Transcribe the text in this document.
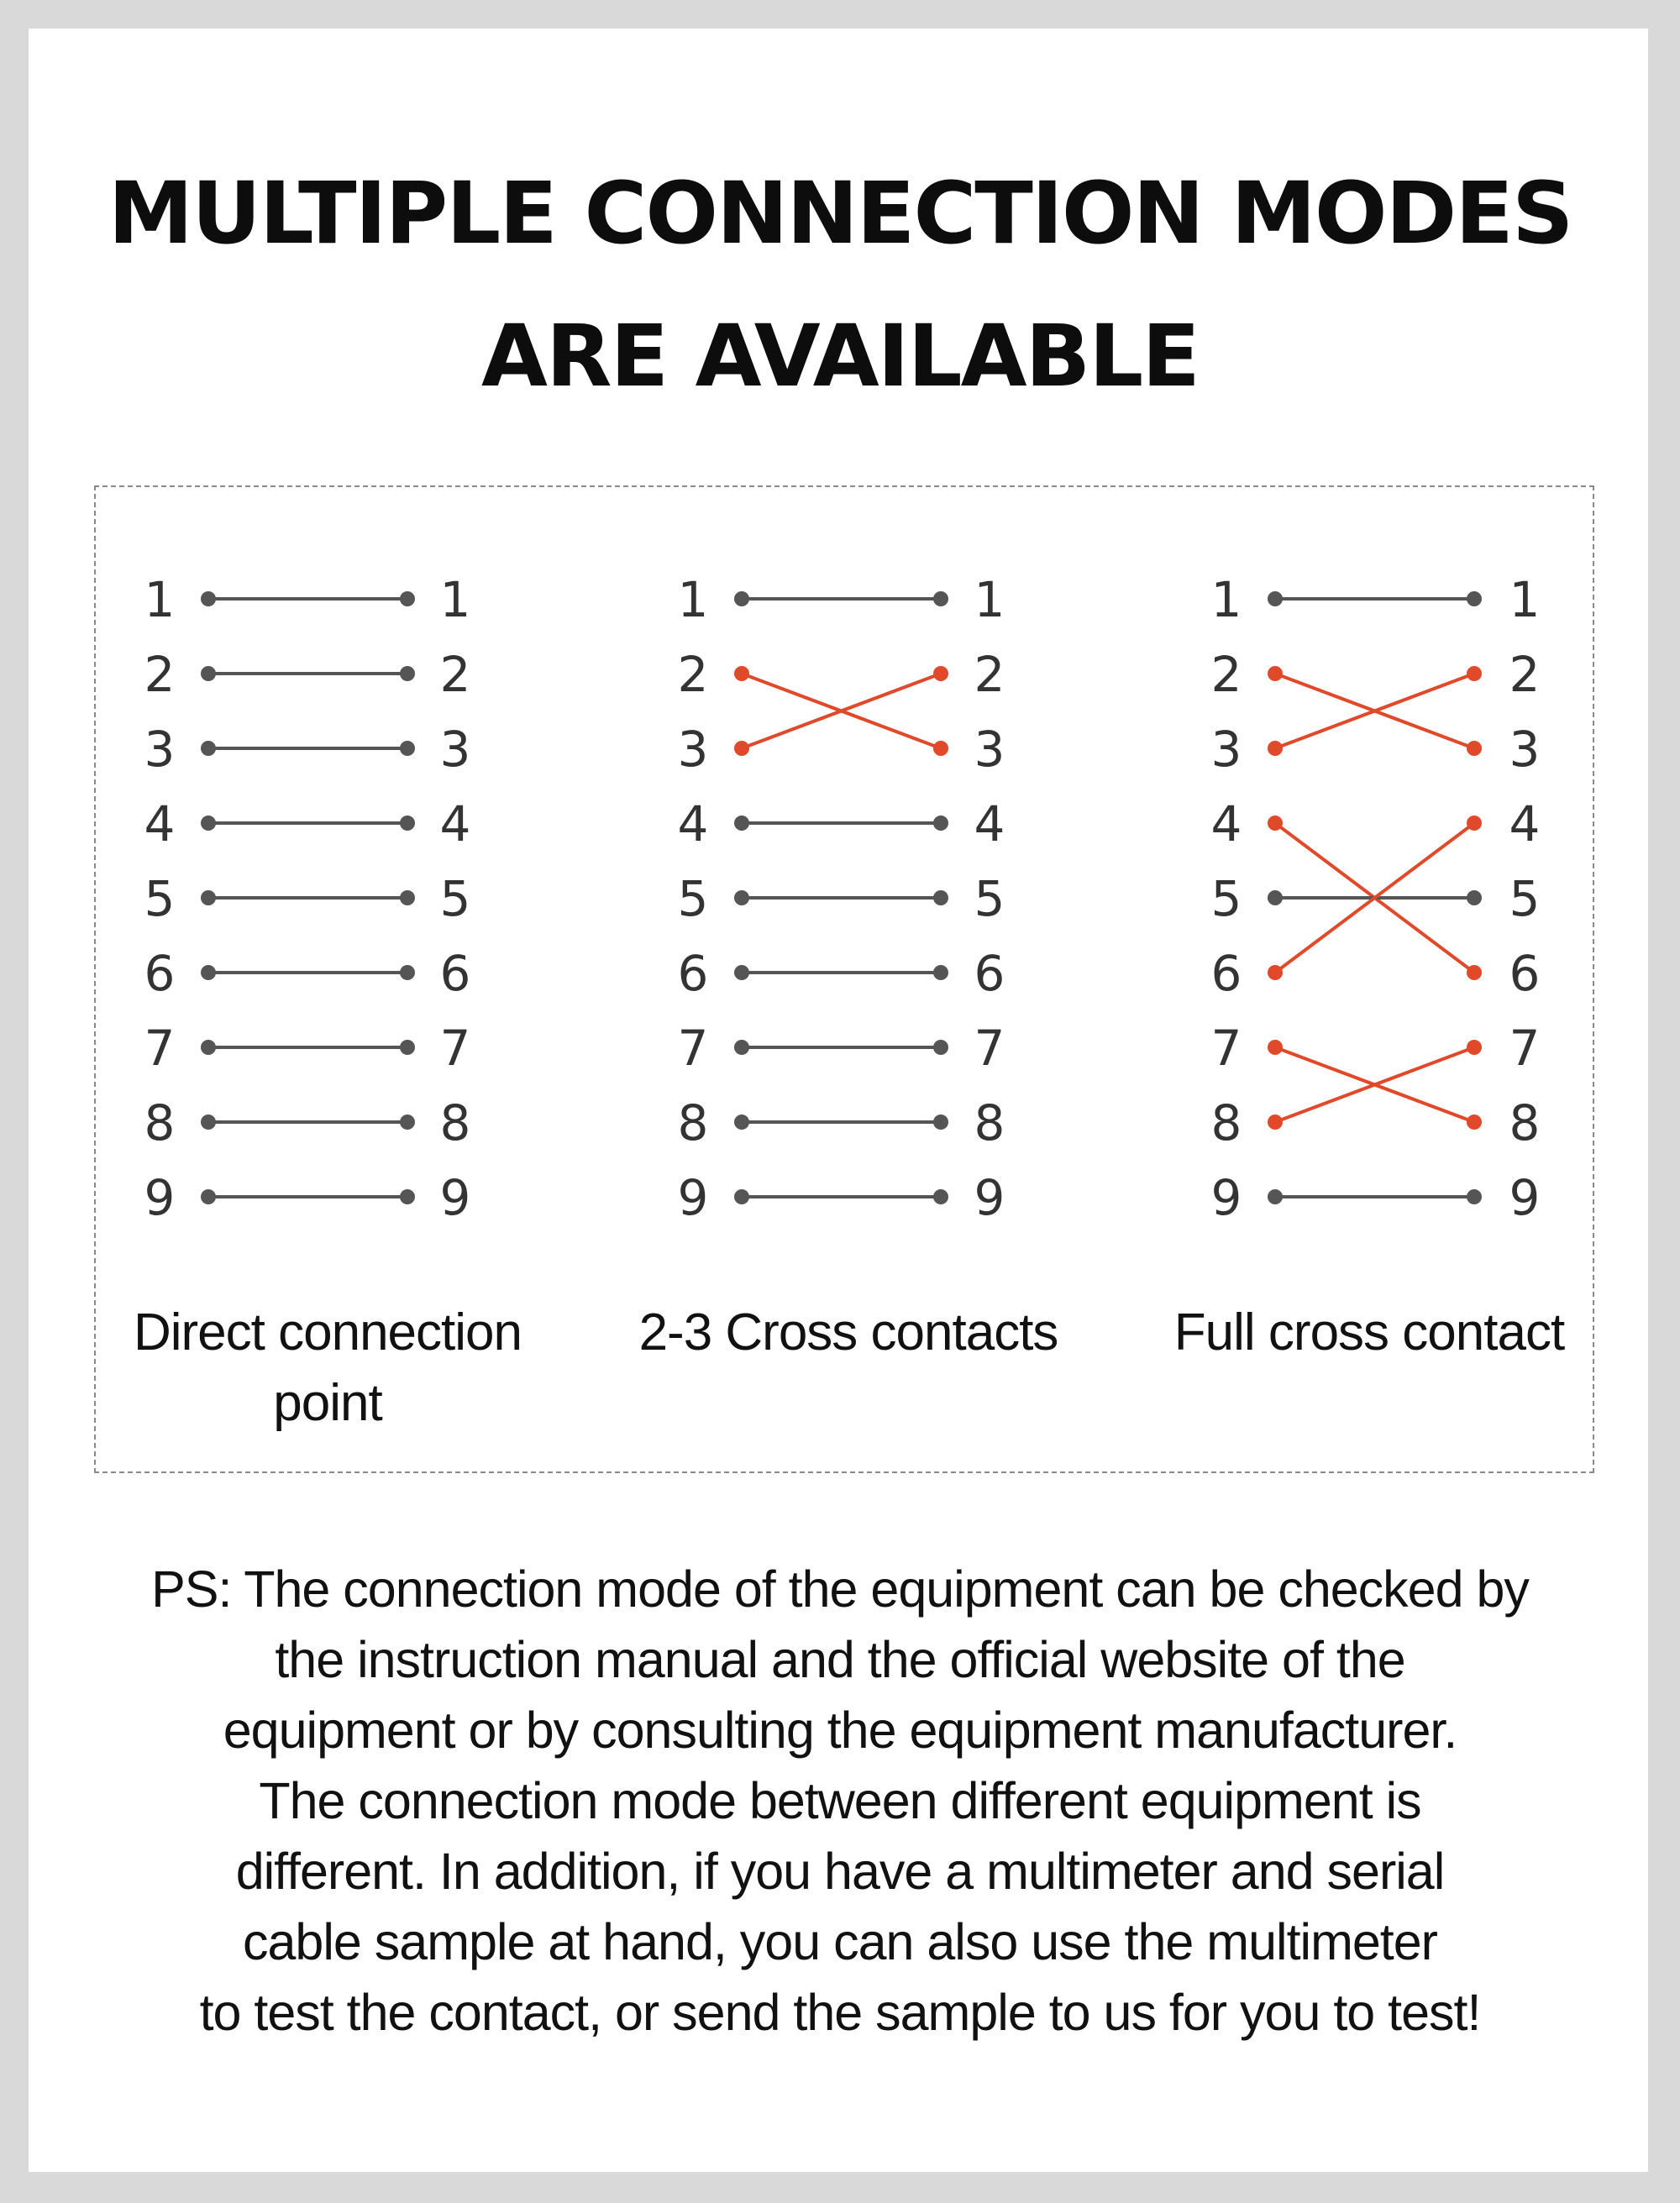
MULTIPLE CONNECTION MODES
ARE AVAILABLE
1	1
2	2
3	3
4	4
5	5
6	6
7	7
8	8
9	9
1	1
2	2
3	3
4	4
5	5
6	6
7	7
8	8
9	9
1	1
2	2
3	3
4	4
5	5
6	6
7	7
8	8
9	9
Direct connection
point
2-3 Cross contacts	Full cross contact
PS: The connection mode of the equipment can be checked by
the instruction manual and the official website of the
equipment or by consulting the equipment manufacturer.
The connection mode between different equipment is
different. In addition, if you have a multimeter and serial
cable sample at hand, you can also use the multimeter
to test the contact, or send the sample to us for you to test!
